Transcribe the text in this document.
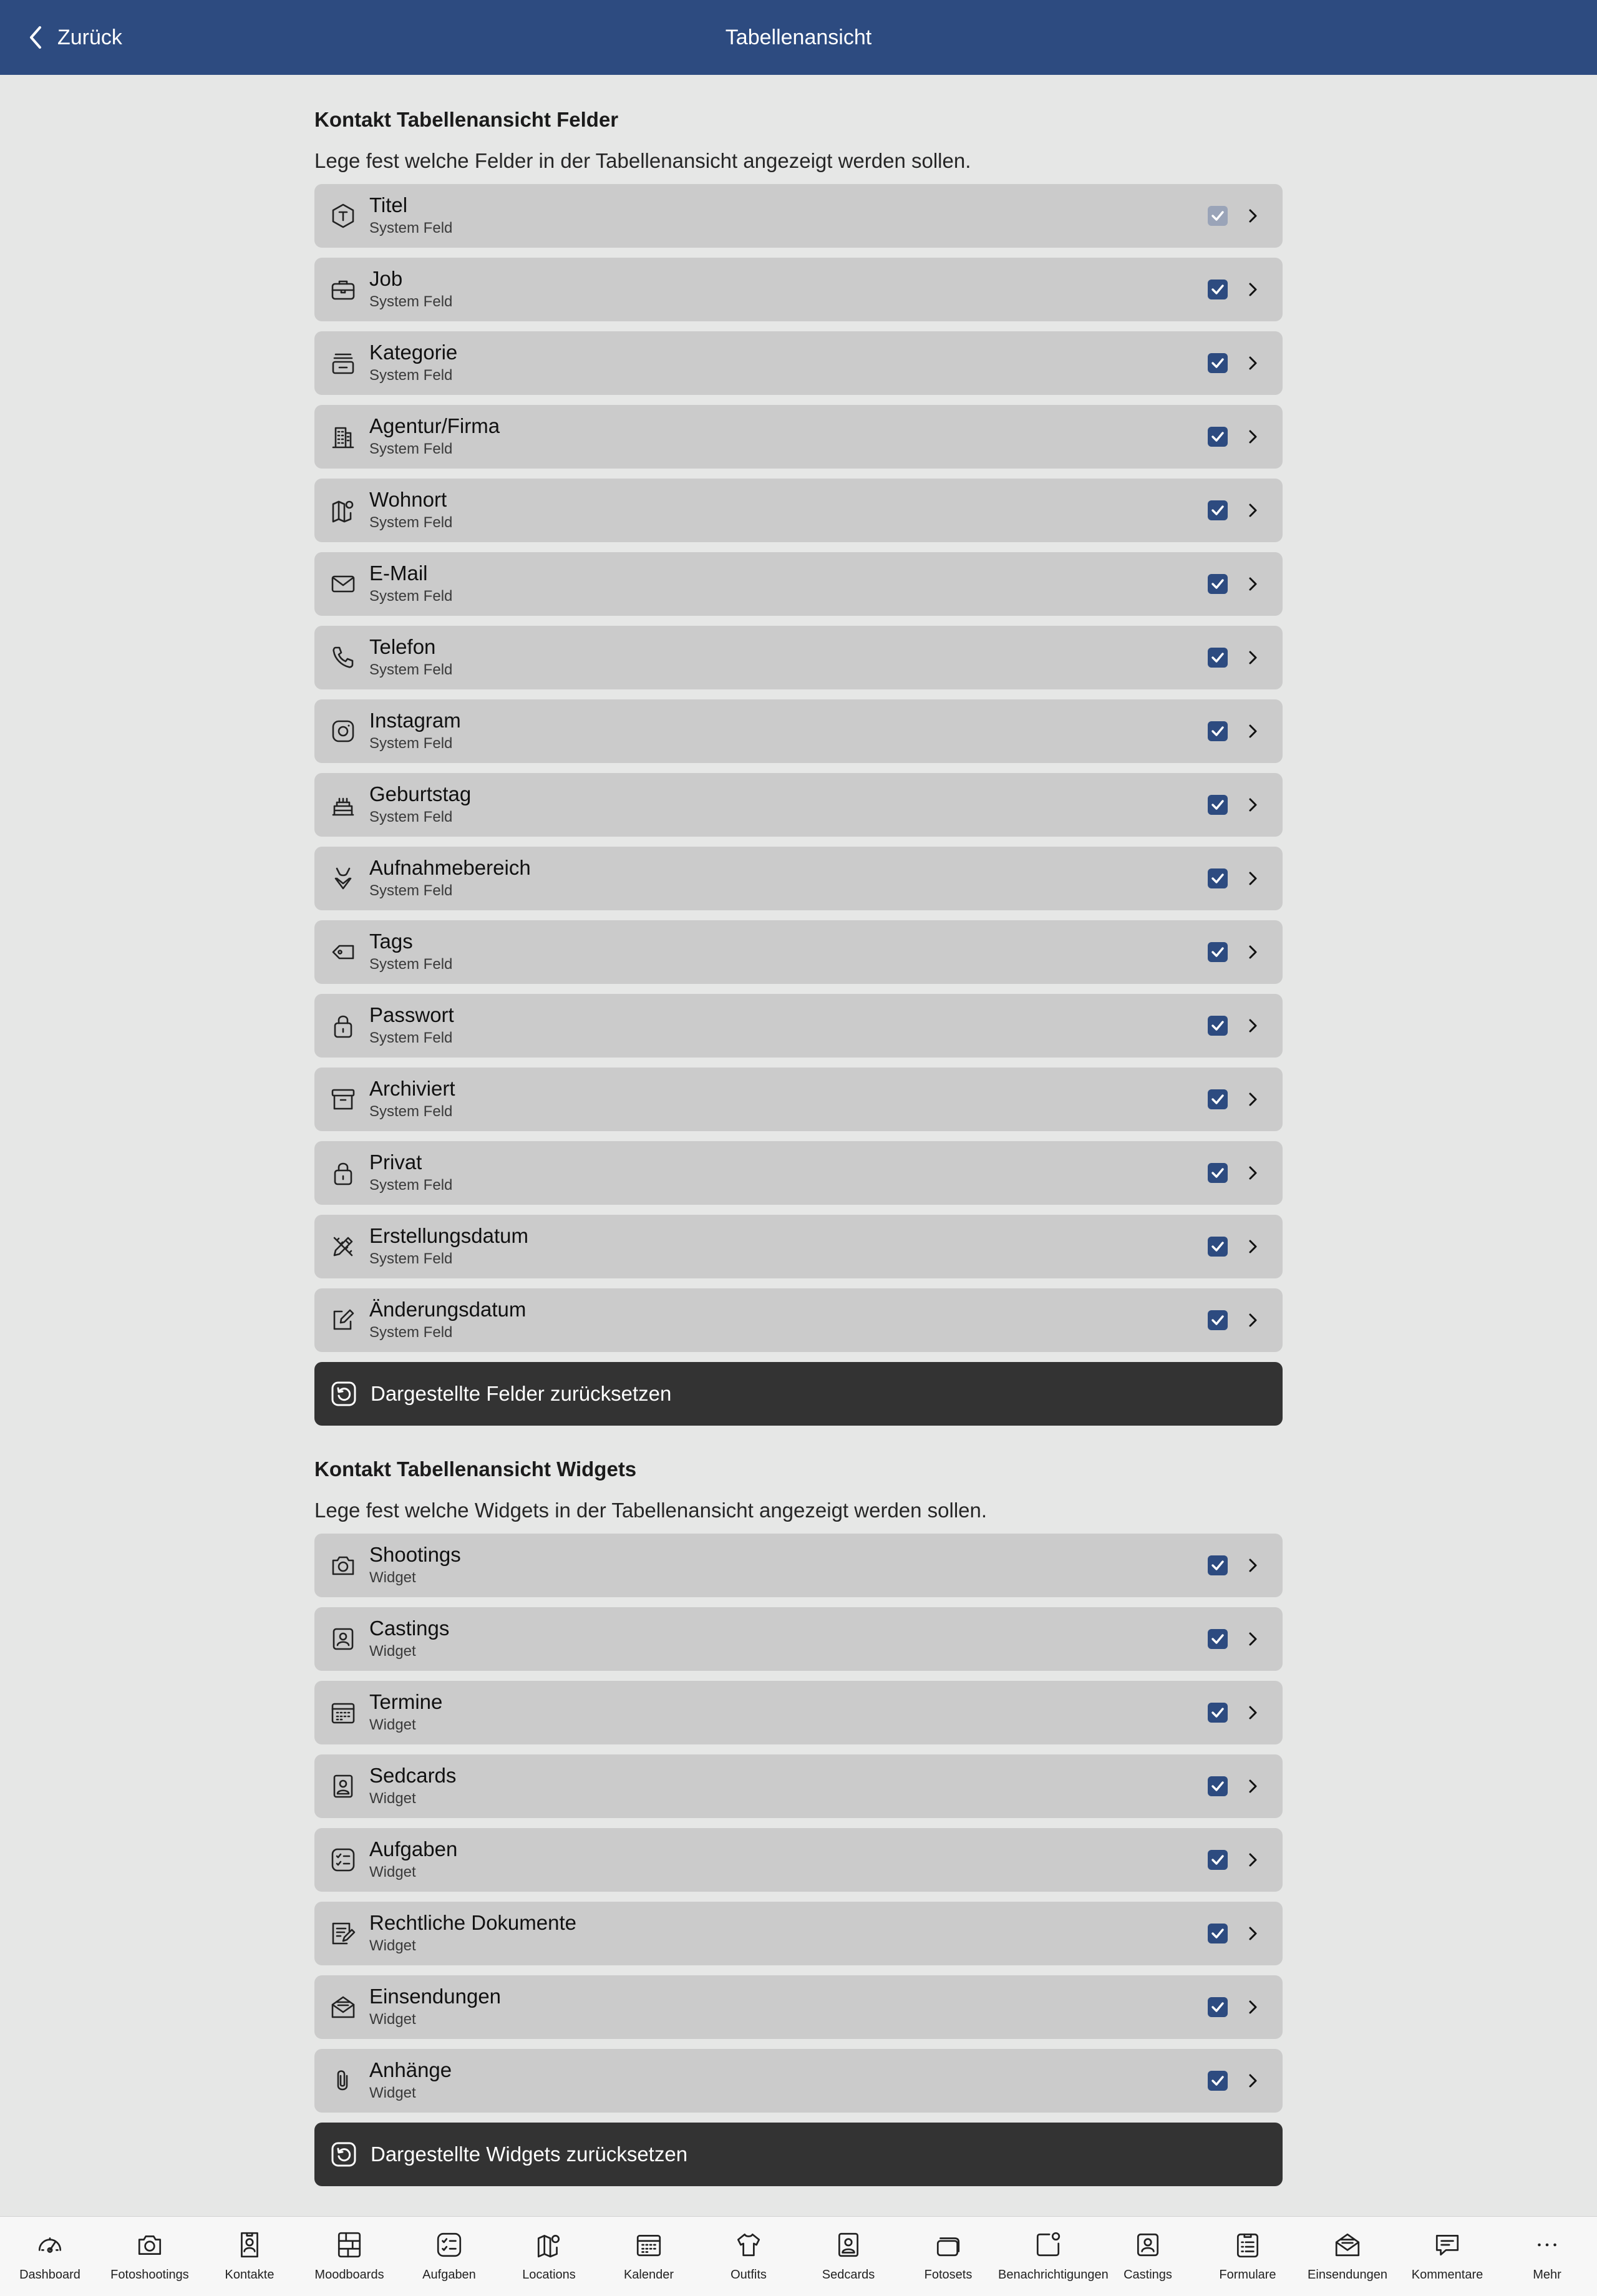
Zurück	Tabellenansicht
Kontakt Tabellenansicht Felder
Lege fest welche Felder in der Tabellenansicht angezeigt werden sollen.
Titel
System Feld
Job
System Feld
Kategorie
System Feld
Agentur/Firma
System Feld
Wohnort
System Feld
E-Mail
System Feld
Telefon
System Feld
Instagram
System Feld
Geburtstag
System Feld
Aufnahmebereich
System Feld
Tags
System Feld
Passwort
System Feld
Archiviert
System Feld
Privat
System Feld
Erstellungsdatum
System Feld
Änderungsdatum
System Feld
Dargestellte Felder zurücksetzen
Kontakt Tabellenansicht Widgets
Lege fest welche Widgets in der Tabellenansicht angezeigt werden sollen.
Shootings
Widget
Castings
Widget
Termine
Widget
Sedcards
Widget
Aufgaben
Widget
Rechtliche Dokumente
Widget
Einsendungen
Widget
Anhänge
Widget
Dargestellte Widgets zurücksetzen
Dashboard	Fotoshootings	Kontakte	Moodboards	Aufgaben	Locations	Kalender	Outfits	Sedcards	Fotosets	Benachrichtigungen	Castings	Formulare	Einsendungen	Kommentare	Mehr
